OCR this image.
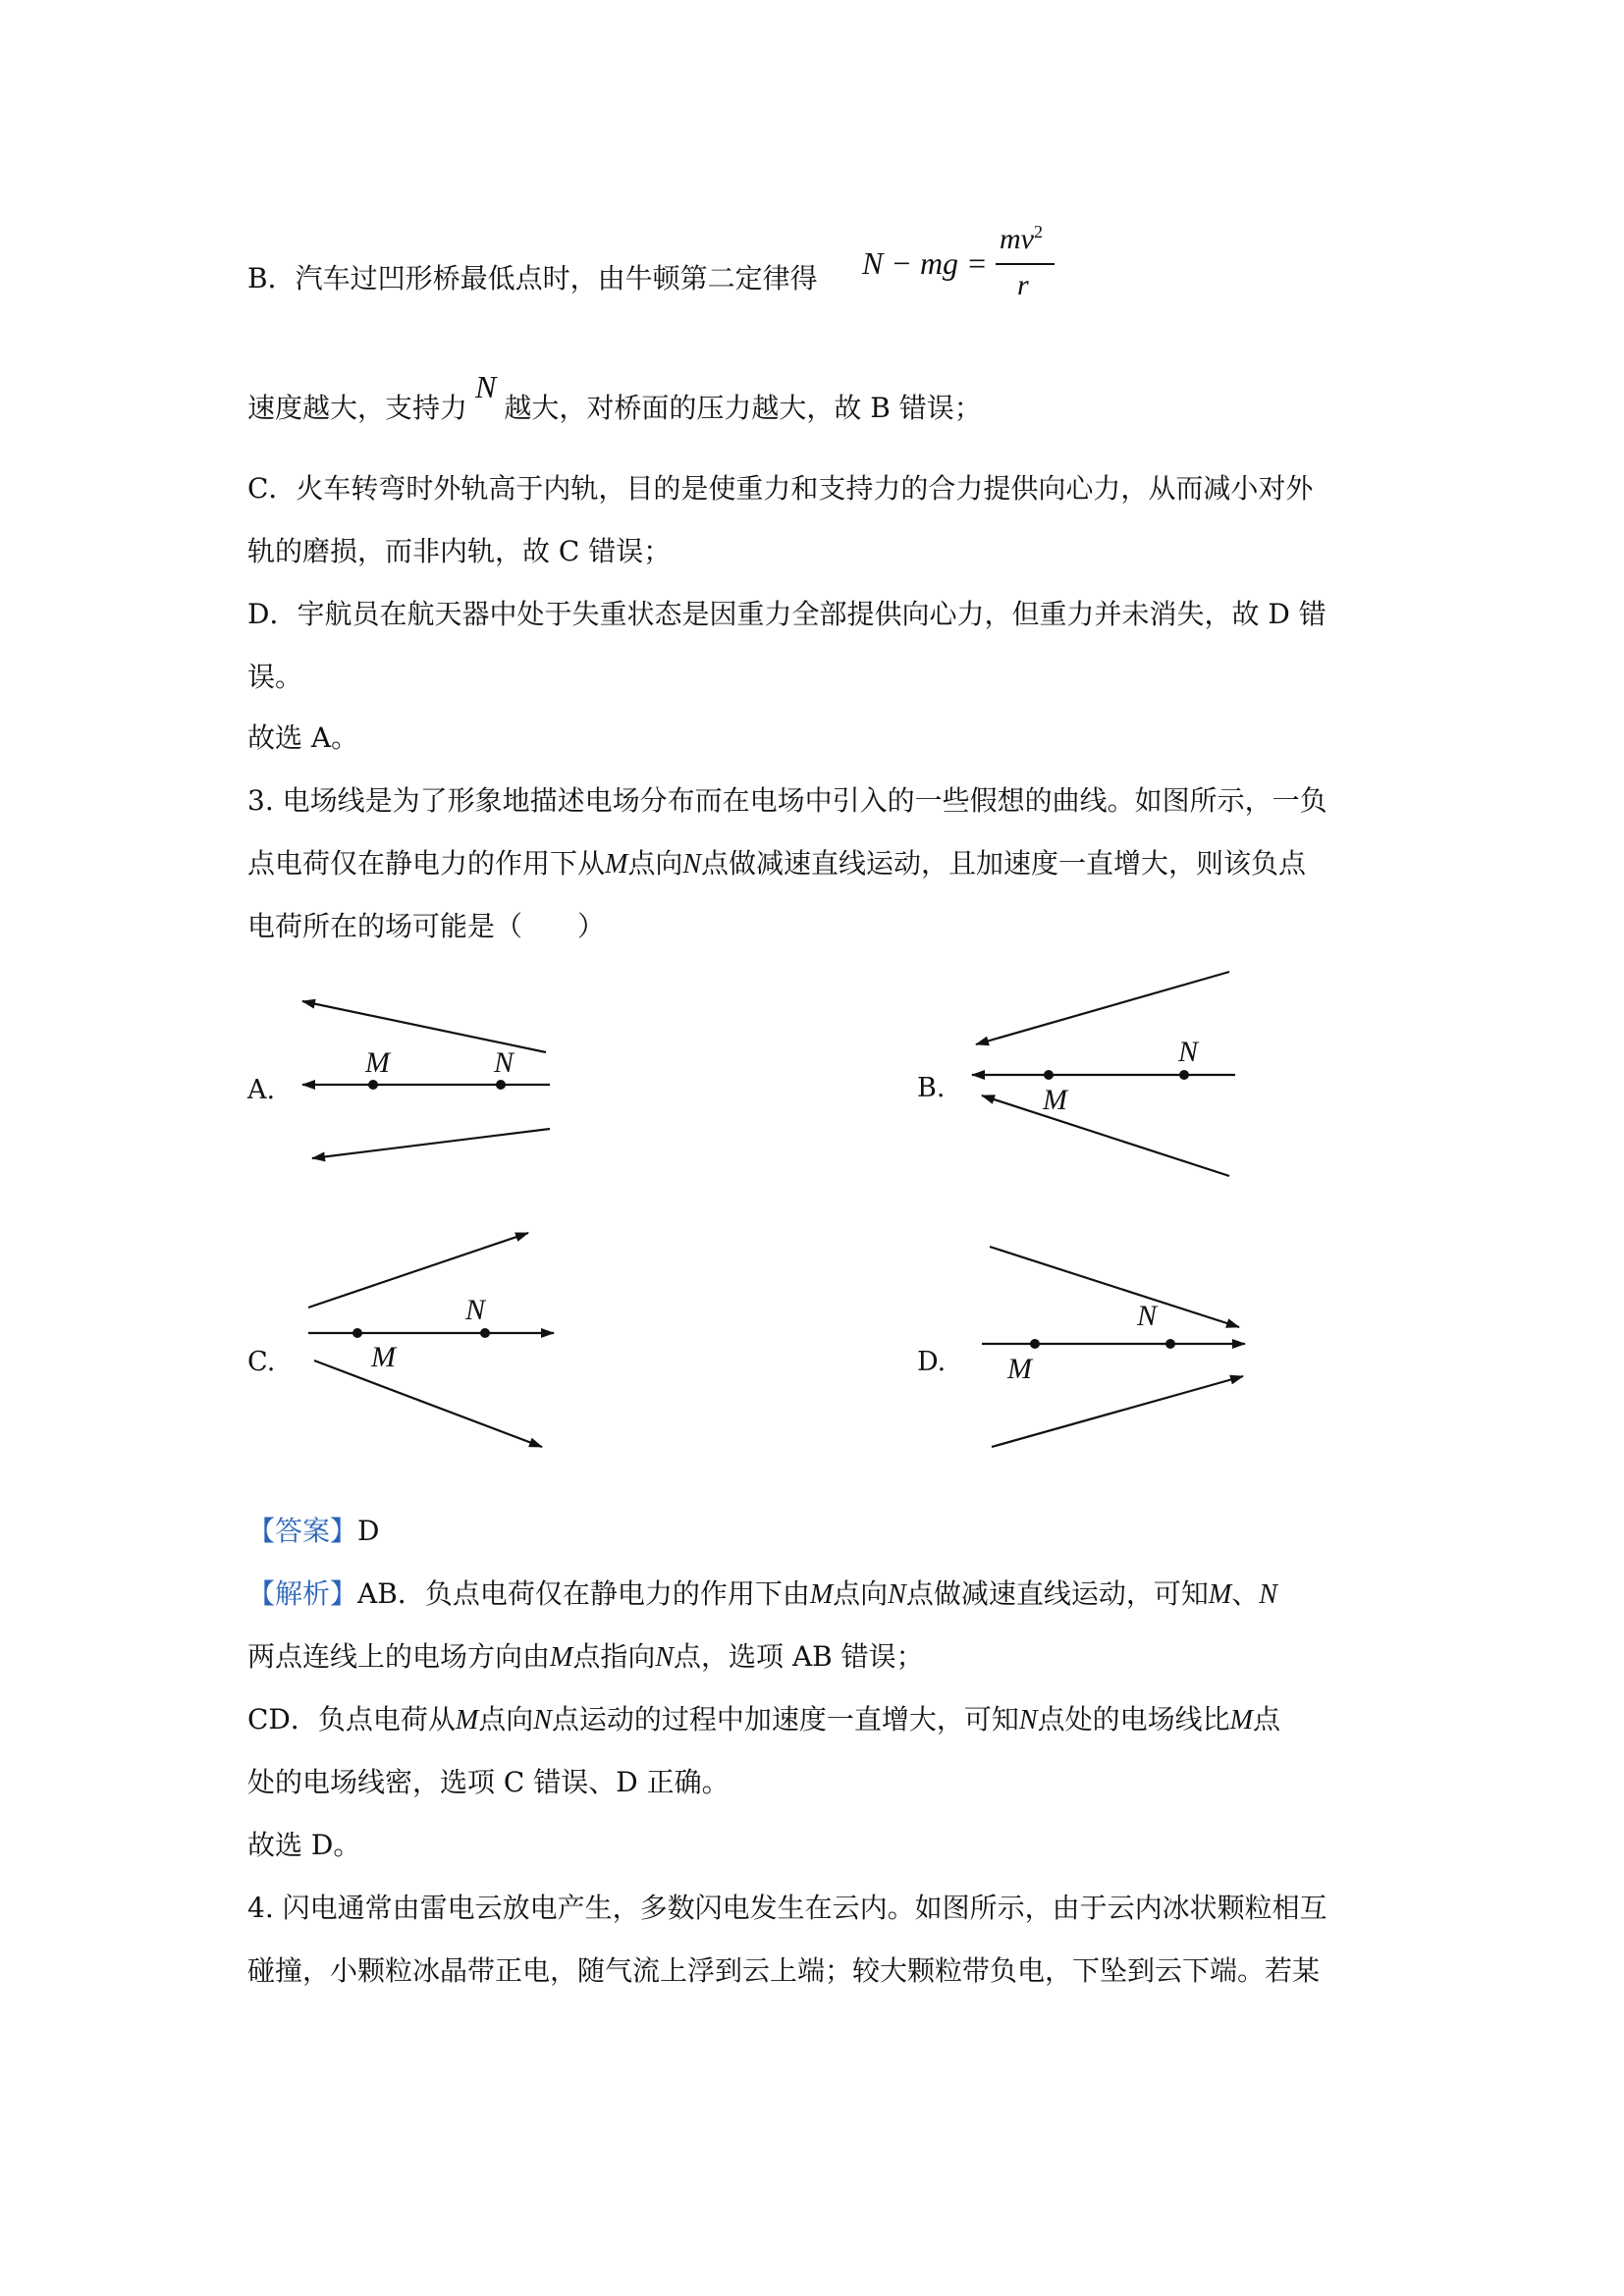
B．汽车过凹形桥最低点时，由牛顿第二定律得 N − mg =
$mv^2$
r
速度越大，支持力N越大，对桥面的压力越大，故 B 错误；
C．火车转弯时外轨高于内轨，目的是使重力和支持力的合力提供向心力，从而减小对外
轨的磨损，而非内轨，故 C 错误；
D．宇航员在航天器中处于失重状态是因重力全部提供向心力，但重力并未消失，故 D 错
误。
故选 A。
3. 电场线是为了形象地描述电场分布而在电场中引入的一些假想的曲线。如图所示，一负
点电荷仅在静电力的作用下从M点向N点做减速直线运动，且加速度一直增大，则该负点
电荷所在的场可能是（　　）
M	N	N
M
N
M
N
M
A.	B.
C.	D.
【答案】D
【解析】AB．负点电荷仅在静电力的作用下由M点向N点做减速直线运动，可知M、N
两点连线上的电场方向由M点指向N点，选项 AB 错误；
CD．负点电荷从M点向N点运动的过程中加速度一直增大，可知N点处的电场线比M点
处的电场线密，选项 C 错误、D 正确。
故选 D。
4. 闪电通常由雷电云放电产生，多数闪电发生在云内。如图所示，由于云内冰状颗粒相互
碰撞，小颗粒冰晶带正电，随气流上浮到云上端；较大颗粒带负电，下坠到云下端。若某
